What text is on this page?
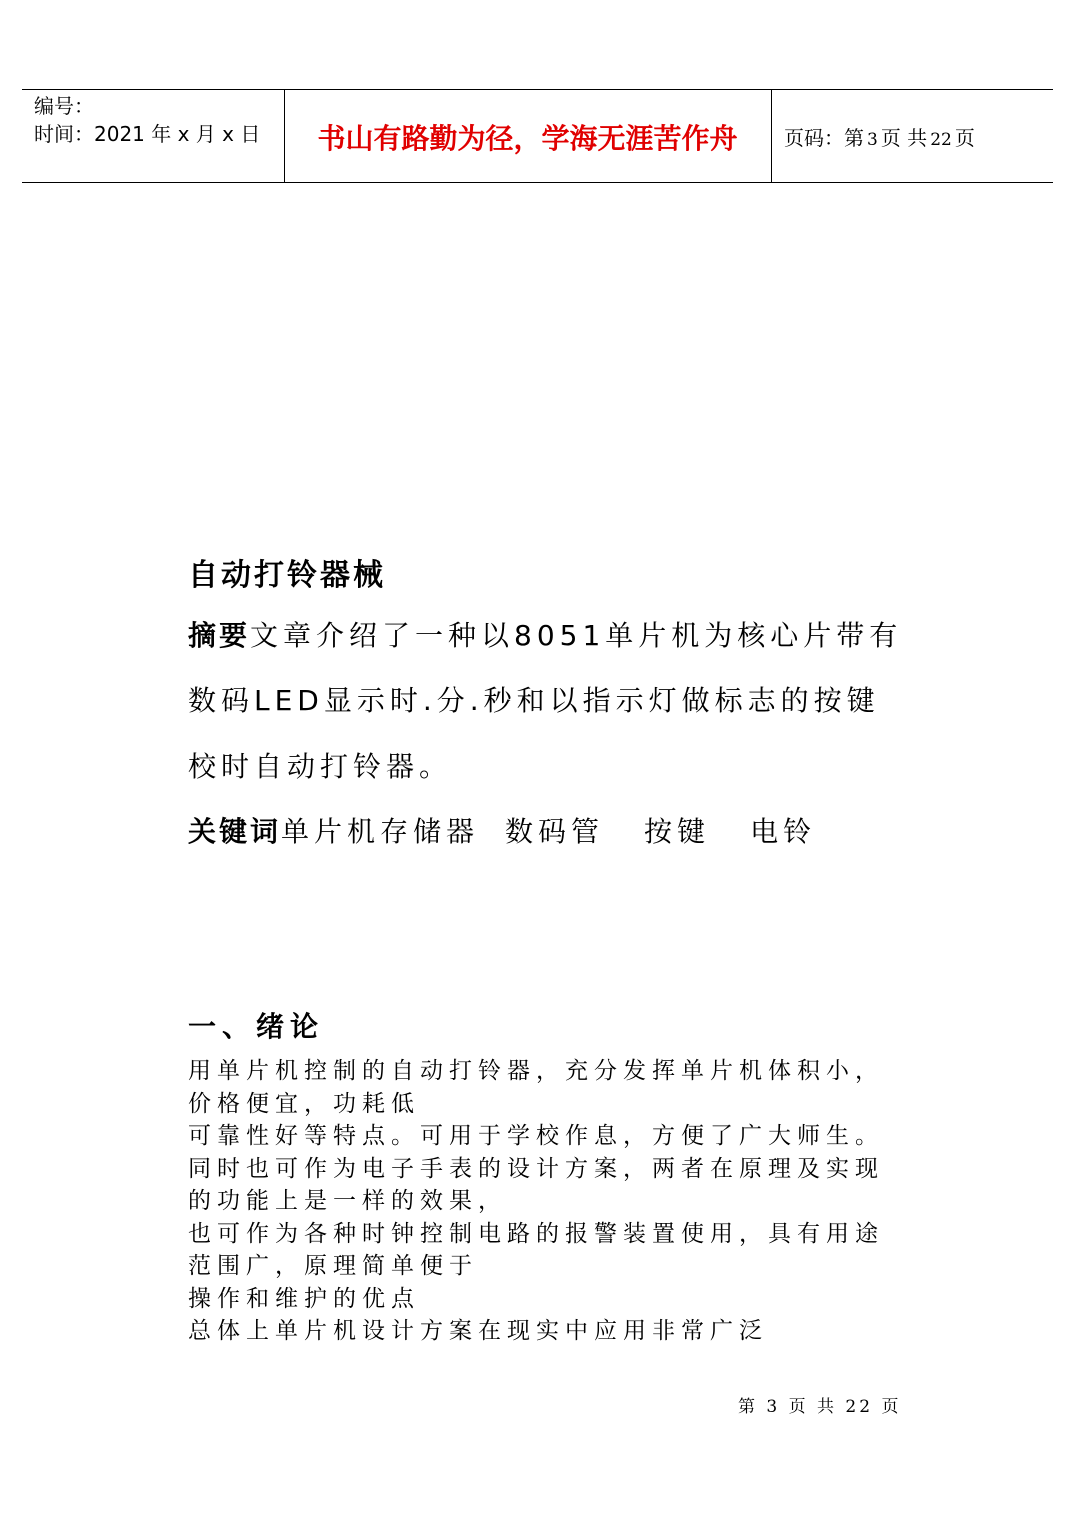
编号：
时间：2021 年 x 月 x 日	书山有路勤为径，学海无涯苦作舟	页码：第 3 页 共 22 页
自动打铃器械
摘要文章介绍了一种以8051单片机为核心片带有
数码LED显示时.分.秒和以指示灯做标志的按键
校时自动打铃器。
关键词单片机存储器 数码管 按键 电铃
一、绪论
用单片机控制的自动打铃器，充分发挥单片机体积小，
价格便宜，功耗低
可靠性好等特点。可用于学校作息，方便了广大师生。
同时也可作为电子手表的设计方案，两者在原理及实现
的功能上是一样的效果，
也可作为各种时钟控制电路的报警装置使用，具有用途
范围广，原理简单便于
操作和维护的优点
总体上单片机设计方案在现实中应用非常广泛
第 3 页 共 22 页
